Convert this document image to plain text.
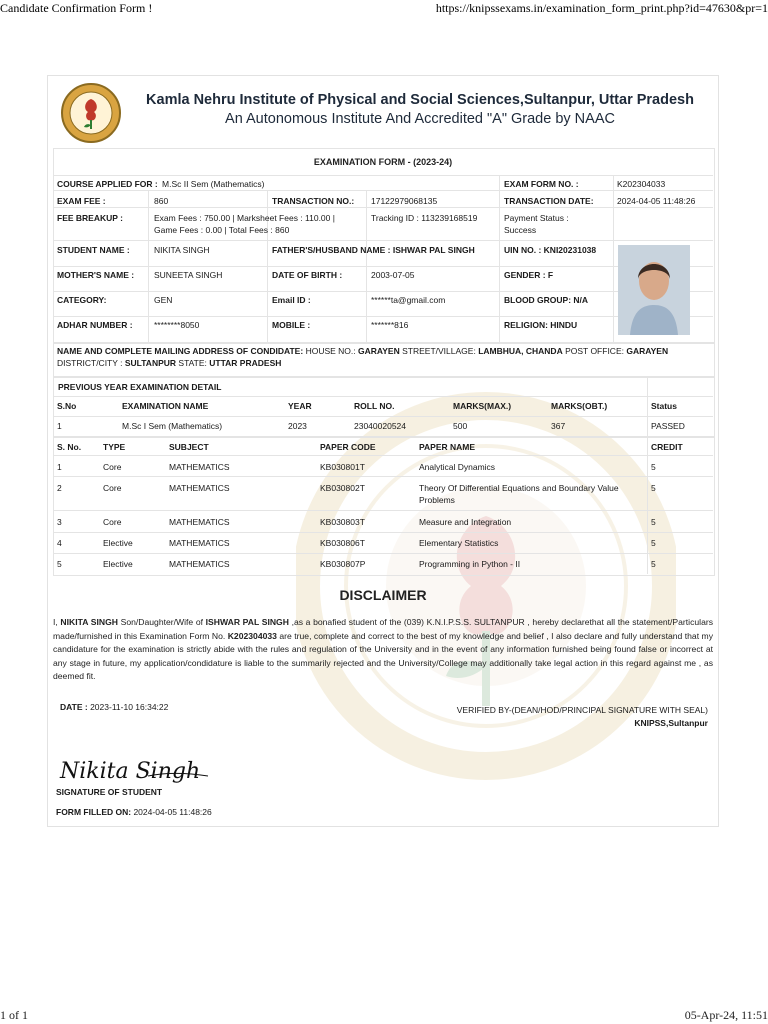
Candidate Confirmation Form !	https://knipssexams.in/examination_form_print.php?id=47630&pr=1
Kamla Nehru Institute of Physical and Social Sciences,Sultanpur, Uttar Pradesh
An Autonomous Institute And Accredited "A" Grade by NAAC
EXAMINATION FORM - (2023-24)
COURSE APPLIED FOR : M.Sc II Sem (Mathematics)	EXAM FORM NO. :	K202304033
EXAM FEE :	860	TRANSACTION NO.: 17122979068135	TRANSACTION DATE:	2024-04-05 11:48:26
FEE BREAKUP :	Exam Fees : 750.00 | Marksheet Fees : 110.00 |
Game Fees : 0.00 | Total Fees : 860
Tracking ID : 113239168519	Payment Status :
Success
STUDENT NAME :	NIKITA SINGH	FATHER'S/HUSBAND NAME : ISHWAR PAL SINGH	UIN NO. : KNI20231038
MOTHER'S NAME : SUNEETA SINGH	DATE OF BIRTH :	2003-07-05	GENDER : F
CATEGORY:	GEN	Email ID :	******ta@gmail.com	BLOOD GROUP: N/A
ADHAR NUMBER :	********8050	MOBILE :	*******816	RELIGION: HINDU
NAME AND COMPLETE MAILING ADDRESS OF CONDIDATE: HOUSE NO.: GARAYEN STREET/VILLAGE: LAMBHUA, CHANDA POST OFFICE: GARAYEN DISTRICT/CITY : SULTANPUR STATE: UTTAR PRADESH
PREVIOUS YEAR EXAMINATION DETAIL
S.No	EXAMINATION NAME	YEAR	ROLL NO.	MARKS(MAX.)	MARKS(OBT.)	Status
1	M.Sc I Sem (Mathematics)	2023	23040020524	500	367	PASSED
S. No.	TYPE	SUBJECT	PAPER CODE	PAPER NAME	CREDIT
1	Core	MATHEMATICS	KB030801T	Analytical Dynamics	5
2	Core	MATHEMATICS	KB030802T	Theory Of Differential Equations and Boundary Value Problems
5
3	Core	MATHEMATICS	KB030803T	Measure and Integration	5
4	Elective	MATHEMATICS	KB030806T	Elementary Statistics	5
5	Elective	MATHEMATICS	KB030807P	Programming in Python - II	5
DISCLAIMER
I, NIKITA SINGH Son/Daughter/Wife of ISHWAR PAL SINGH ,as a bonafied student of the (039) K.N.I.P.S.S. SULTANPUR , hereby declarethat all the statement/Particulars made/furnished in this Examination Form No. K202304033 are true, complete and correct to the best of my knowledge and belief , I also declare and fully understand that my candidature for the examination is strictly abide with the rules and regulation of the University and in the event of any information furnished being found false or incorrect at any stage in future, my application/condidature is liable to the summarily rejected and the University/College may additionally take legal action in this regard against me , as deemed fit.
DATE : 2023-11-10 16:34:22	VERIFIED BY-(DEAN/HOD/PRINCIPAL SIGNATURE WITH SEAL)
KNIPSS,Sultanpur
Nikita Singh
SIGNATURE OF STUDENT
FORM FILLED ON: 2024-04-05 11:48:26
1 of 1	05-Apr-24, 11:51
